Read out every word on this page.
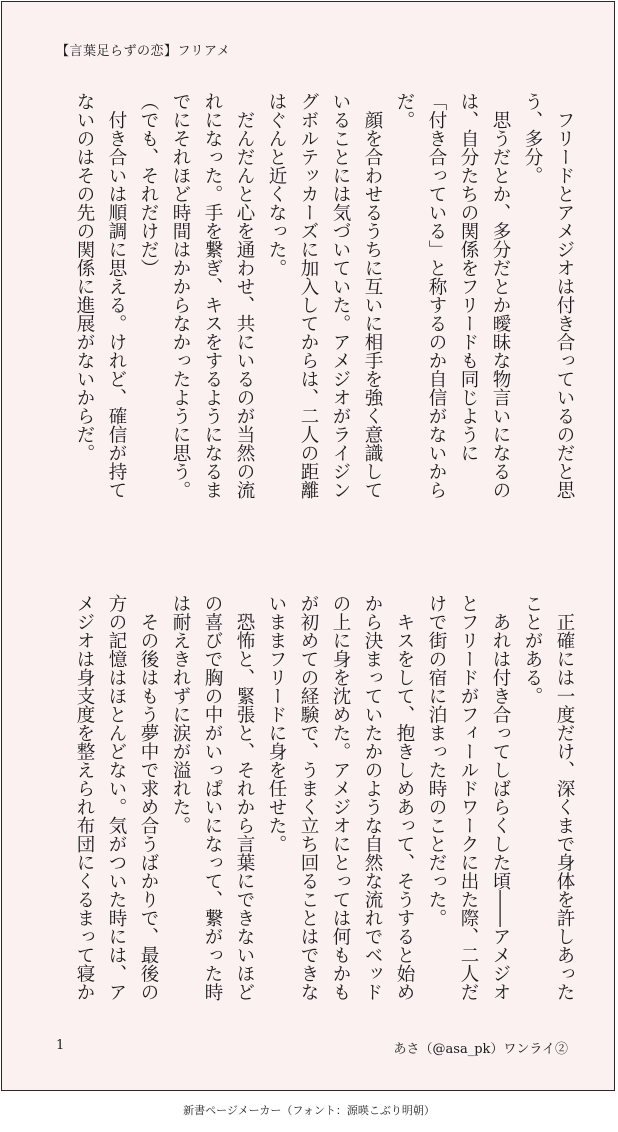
【言葉足らずの恋】フリアメ
　フリードとアメジオは付き合っているのだと思
う、多分。
　思うだとか、多分だとか曖昧な物言いになるの
は、自分たちの関係をフリードも同じように
「付き合っている」と称するのか自信がないから
だ。
　顔を合わせるうちに互いに相手を強く意識して
いることには気づいていた。アメジオがライジン
グボルテッカーズに加入してからは、二人の距離
はぐんと近くなった。
　だんだんと心を通わせ、共にいるのが当然の流
れになった。手を繋ぎ、キスをするようになるま
でにそれほど時間はかからなかったように思う。
（でも、それだけだ）
　付き合いは順調に思える。けれど、確信が持て
ないのはその先の関係に進展がないからだ。
　正確には一度だけ、深くまで身体を許しあった
ことがある。
　あれは付き合ってしばらくした頃――アメジオ
とフリードがフィールドワークに出た際、二人だ
けで街の宿に泊まった時のことだった。
　キスをして、抱きしめあって、そうすると始め
から決まっていたかのような自然な流れでベッド
の上に身を沈めた。アメジオにとっては何もかも
が初めての経験で、うまく立ち回ることはできな
いままフリードに身を任せた。
　恐怖と、緊張と、それから言葉にできないほど
の喜びで胸の中がいっぱいになって、繋がった時
は耐えきれずに涙が溢れた。
　その後はもう夢中で求め合うばかりで、最後の
方の記憶はほとんどない。気がついた時には、ア
メジオは身支度を整えられ布団にくるまって寝か
1	あさ（@asa_pk）ワンライ②
新書ページメーカー（フォント：源暎こぶり明朝）
